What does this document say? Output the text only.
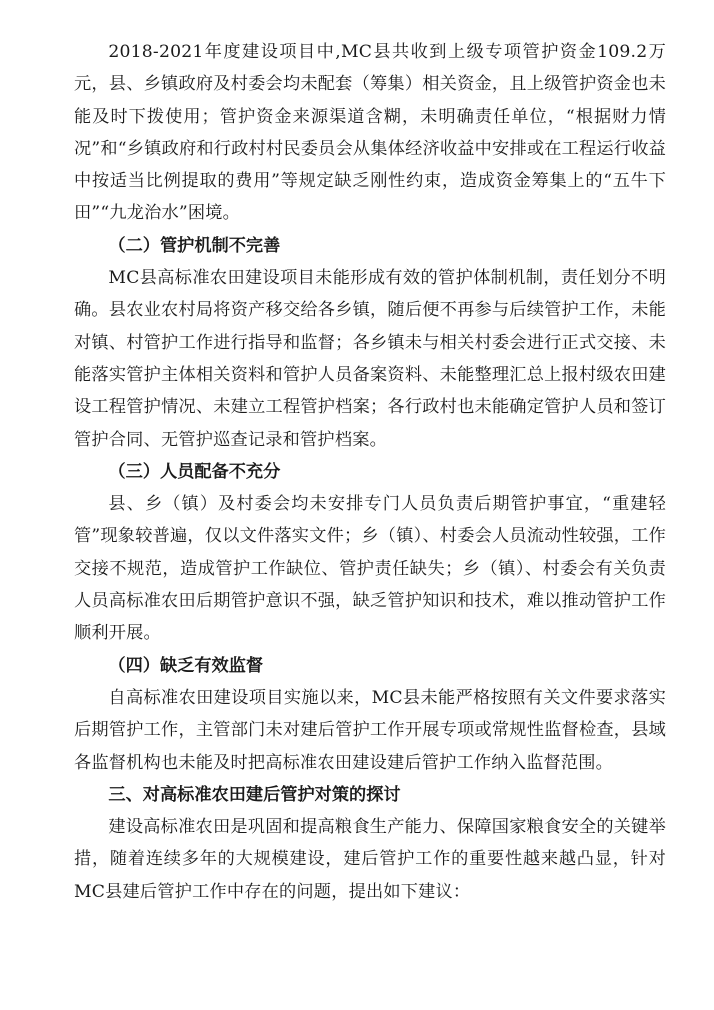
2018-2021年度建设项目中,MC县共收到上级专项管护资金109.2万元，县、乡镇政府及村委会均未配套（筹集）相关资金，且上级管护资金也未能及时下拨使用；管护资金来源渠道含糊，未明确责任单位，“根据财力情况”和“乡镇政府和行政村村民委员会从集体经济收益中安排或在工程运行收益中按适当比例提取的费用”等规定缺乏刚性约束，造成资金筹集上的“五牛下田”“九龙治水”困境。

（二）管护机制不完善

MC县高标准农田建设项目未能形成有效的管护体制机制，责任划分不明确。县农业农村局将资产移交给各乡镇，随后便不再参与后续管护工作，未能对镇、村管护工作进行指导和监督；各乡镇未与相关村委会进行正式交接、未能落实管护主体相关资料和管护人员备案资料、未能整理汇总上报村级农田建设工程管护情况、未建立工程管护档案；各行政村也未能确定管护人员和签订管护合同、无管护巡查记录和管护档案。

（三）人员配备不充分

县、乡（镇）及村委会均未安排专门人员负责后期管护事宜，“重建轻管”现象较普遍，仅以文件落实文件；乡（镇）、村委会人员流动性较强，工作交接不规范，造成管护工作缺位、管护责任缺失；乡（镇）、村委会有关负责人员高标准农田后期管护意识不强，缺乏管护知识和技术，难以推动管护工作顺利开展。

（四）缺乏有效监督

自高标准农田建设项目实施以来，MC县未能严格按照有关文件要求落实后期管护工作，主管部门未对建后管护工作开展专项或常规性监督检查，县域各监督机构也未能及时把高标准农田建设建后管护工作纳入监督范围。

三、对高标准农田建后管护对策的探讨

建设高标准农田是巩固和提高粮食生产能力、保障国家粮食安全的关键举措，随着连续多年的大规模建设，建后管护工作的重要性越来越凸显，针对MC县建后管护工作中存在的问题，提出如下建议：
